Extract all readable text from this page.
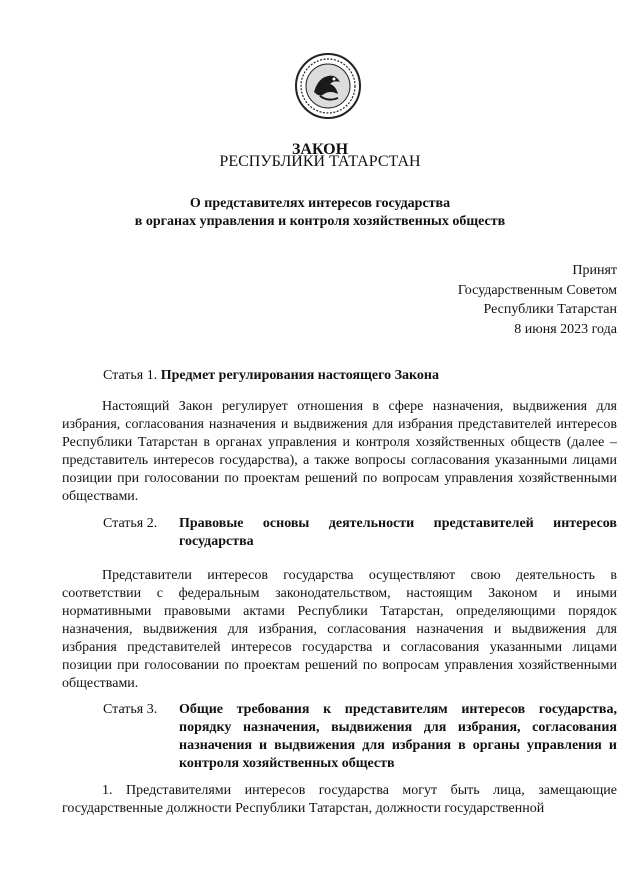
ЗАКОН
РЕСПУБЛИКИ ТАТАРСТАН
О представителях интересов государства
в органах управления и контроля хозяйственных обществ
Принят
Государственным Советом
Республики Татарстан
8 июня 2023 года
Статья 1. Предмет регулирования настоящего Закона
Настоящий Закон регулирует отношения в сфере назначения, выдвижения для избрания, согласования назначения и выдвижения для избрания представителей интересов Республики Татарстан в органах управления и контроля хозяйственных обществ (далее – представитель интересов государства), а также вопросы согласования указанными лицами позиции при голосовании по проектам решений по вопросам управления хозяйственными обществами.
Статья 2. Правовые основы деятельности представителей интересов государства
Представители интересов государства осуществляют свою деятельность в соответствии с федеральным законодательством, настоящим Законом и иными нормативными правовыми актами Республики Татарстан, определяющими порядок назначения, выдвижения для избрания, согласования назначения и выдвижения для избрания представителей интересов государства и согласования указанными лицами позиции при голосовании по проектам решений по вопросам управления хозяйственными обществами.
Статья 3. Общие требования к представителям интересов государства, порядку назначения, выдвижения для избрания, согласования назначения и выдвижения для избрания в органы управления и контроля хозяйственных обществ
1. Представителями интересов государства могут быть лица, замещающие государственные должности Республики Татарстан, должности государственной
